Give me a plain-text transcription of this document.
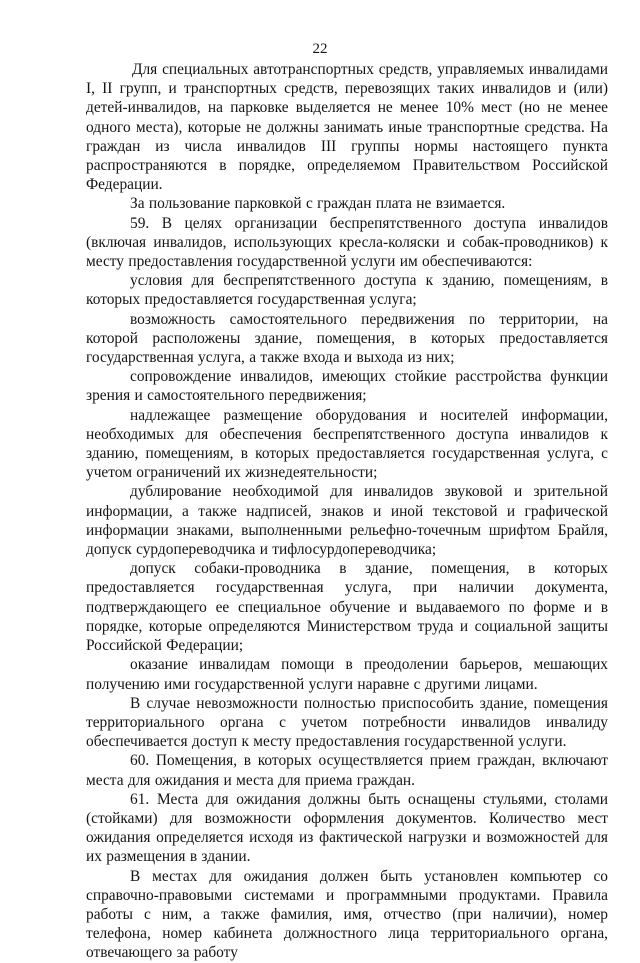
22

Для специальных автотранспортных средств, управляемых инвалидами I, II групп, и транспортных средств, перевозящих таких инвалидов и (или) детей-инвалидов, на парковке выделяется не менее 10% мест (но не менее одного места), которые не должны занимать иные транспортные средства. На граждан из числа инвалидов III группы нормы настоящего пункта распространяются в порядке, определяемом Правительством Российской Федерации.

За пользование парковкой с граждан плата не взимается.

59. В целях организации беспрепятственного доступа инвалидов (включая инвалидов, использующих кресла-коляски и собак-проводников) к месту предоставления государственной услуги им обеспечиваются:

условия для беспрепятственного доступа к зданию, помещениям, в которых предоставляется государственная услуга;

возможность самостоятельного передвижения по территории, на которой расположены здание, помещения, в которых предоставляется государственная услуга, а также входа и выхода из них;

сопровождение инвалидов, имеющих стойкие расстройства функции зрения и самостоятельного передвижения;

надлежащее размещение оборудования и носителей информации, необходимых для обеспечения беспрепятственного доступа инвалидов к зданию, помещениям, в которых предоставляется государственная услуга, с учетом ограничений их жизнедеятельности;

дублирование необходимой для инвалидов звуковой и зрительной информации, а также надписей, знаков и иной текстовой и графической информации знаками, выполненными рельефно-точечным шрифтом Брайля, допуск сурдопереводчика и тифлосурдопереводчика;

допуск собаки-проводника в здание, помещения, в которых предоставляется государственная услуга, при наличии документа, подтверждающего ее специальное обучение и выдаваемого по форме и в порядке, которые определяются Министерством труда и социальной защиты Российской Федерации;

оказание инвалидам помощи в преодолении барьеров, мешающих получению ими государственной услуги наравне с другими лицами.

В случае невозможности полностью приспособить здание, помещения территориального органа с учетом потребности инвалидов инвалиду обеспечивается доступ к месту предоставления государственной услуги.

60. Помещения, в которых осуществляется прием граждан, включают места для ожидания и места для приема граждан.

61. Места для ожидания должны быть оснащены стульями, столами (стойками) для возможности оформления документов. Количество мест ожидания определяется исходя из фактической нагрузки и возможностей для их размещения в здании.

В местах для ожидания должен быть установлен компьютер со справочно-правовыми системами и программными продуктами. Правила работы с ним, а также фамилия, имя, отчество (при наличии), номер телефона, номер кабинета должностного лица территориального органа, отвечающего за работу
